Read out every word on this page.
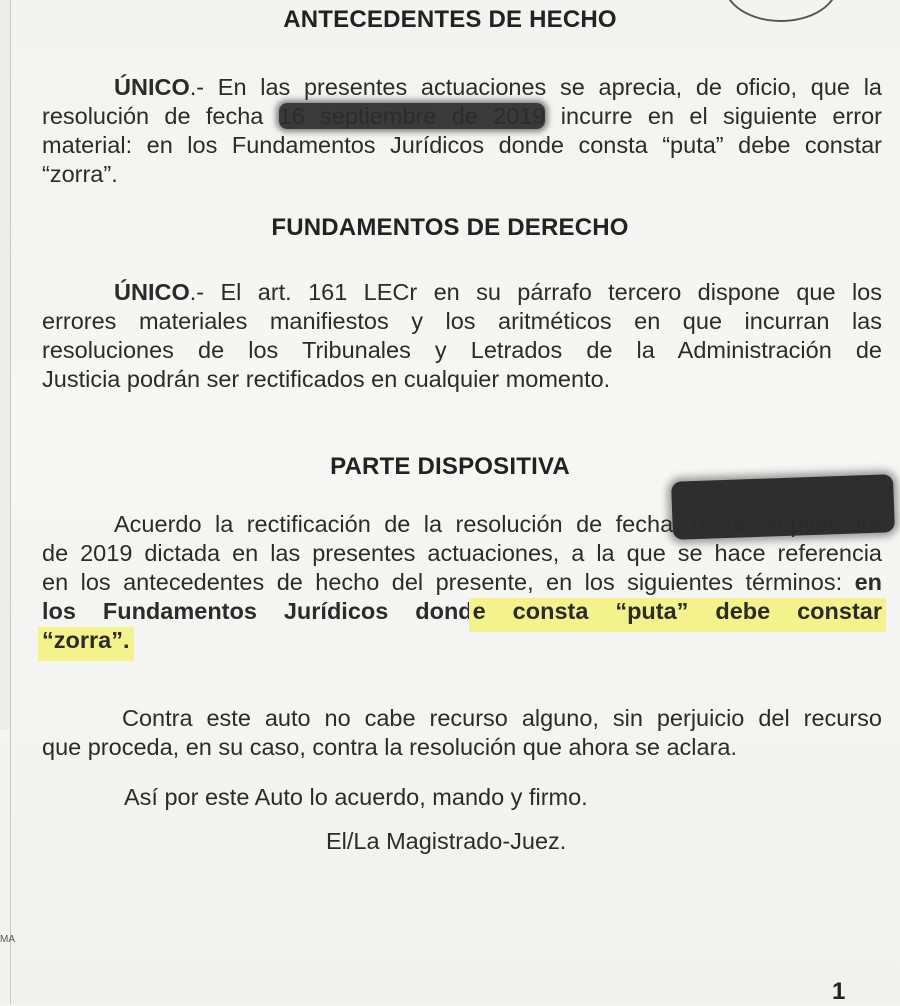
ANTECEDENTES DE HECHO
ÚNICO.- En las presentes actuaciones se aprecia, de oficio, que la
resolución de fecha 16 septiembre de 2019 incurre en el siguiente error
material: en los Fundamentos Jurídicos donde consta “puta” debe constar
“zorra”.
FUNDAMENTOS DE DERECHO
ÚNICO.- El art. 161 LECr en su párrafo tercero dispone que los
errores materiales manifiestos y los aritméticos en que incurran las
resoluciones de los Tribunales y Letrados de la Administración de
Justicia podrán ser rectificados en cualquier momento.
PARTE DISPOSITIVA
Acuerdo la rectificación de la resolución de fecha 16 de septiembre
de 2019 dictada en las presentes actuaciones, a la que se hace referencia
en los antecedentes de hecho del presente, en los siguientes términos: en
los Fundamentos Jurídicos donde consta “puta” debe constar
“zorra”.
Contra este auto no cabe recurso alguno, sin perjuicio del recurso
que proceda, en su caso, contra la resolución que ahora se aclara.
Así por este Auto lo acuerdo, mando y firmo.
El/La Magistrado-Juez.
MA
1
